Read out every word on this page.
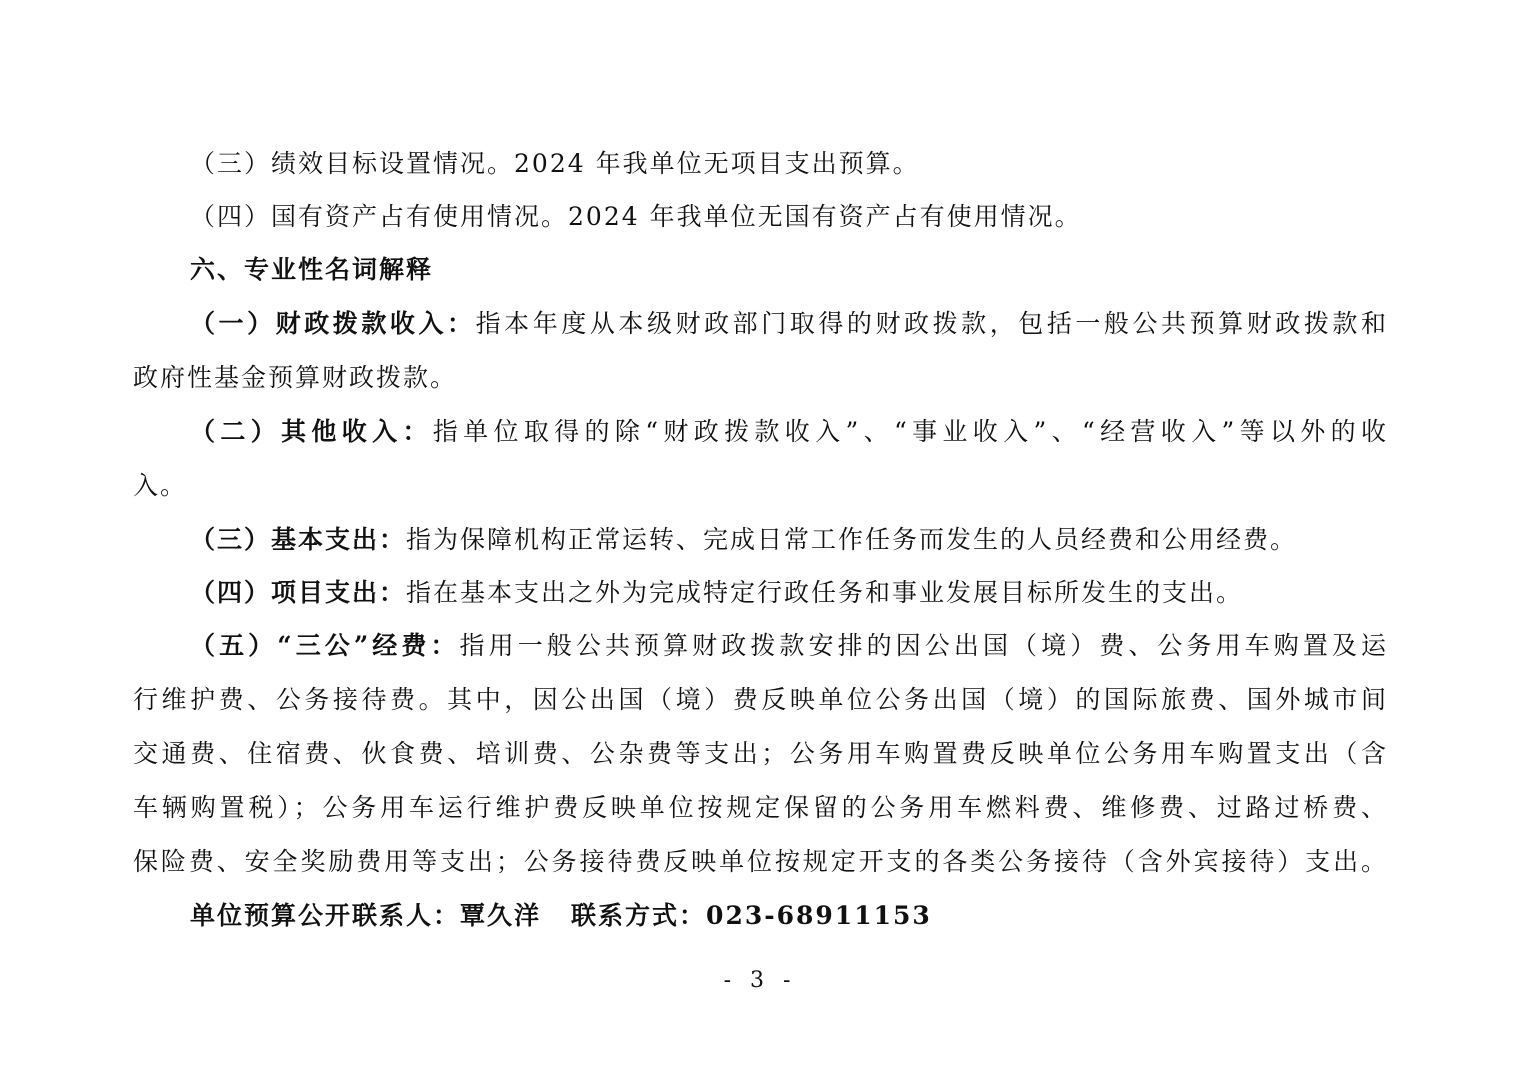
（三）绩效目标设置情况。2024 年我单位无项目支出预算。
（四）国有资产占有使用情况。2024 年我单位无国有资产占有使用情况。
六、专业性名词解释
（一）财政拨款收入：指本年度从本级财政部门取得的财政拨款，包括一般公共预算财政拨款和
政府性基金预算财政拨款。
（二）其他收入：指单位取得的除“财政拨款收入”、“事业收入”、“经营收入”等以外的收
入。
（三）基本支出：指为保障机构正常运转、完成日常工作任务而发生的人员经费和公用经费。
（四）项目支出：指在基本支出之外为完成特定行政任务和事业发展目标所发生的支出。
（五）“三公”经费：指用一般公共预算财政拨款安排的因公出国（境）费、公务用车购置及运
行维护费、公务接待费。其中，因公出国（境）费反映单位公务出国（境）的国际旅费、国外城市间
交通费、住宿费、伙食费、培训费、公杂费等支出；公务用车购置费反映单位公务用车购置支出（含
车辆购置税）；公务用车运行维护费反映单位按规定保留的公务用车燃料费、维修费、过路过桥费、
保险费、安全奖励费用等支出；公务接待费反映单位按规定开支的各类公务接待（含外宾接待）支出。
单位预算公开联系人：覃久洋 联系方式：023-68911153
- 3 -
